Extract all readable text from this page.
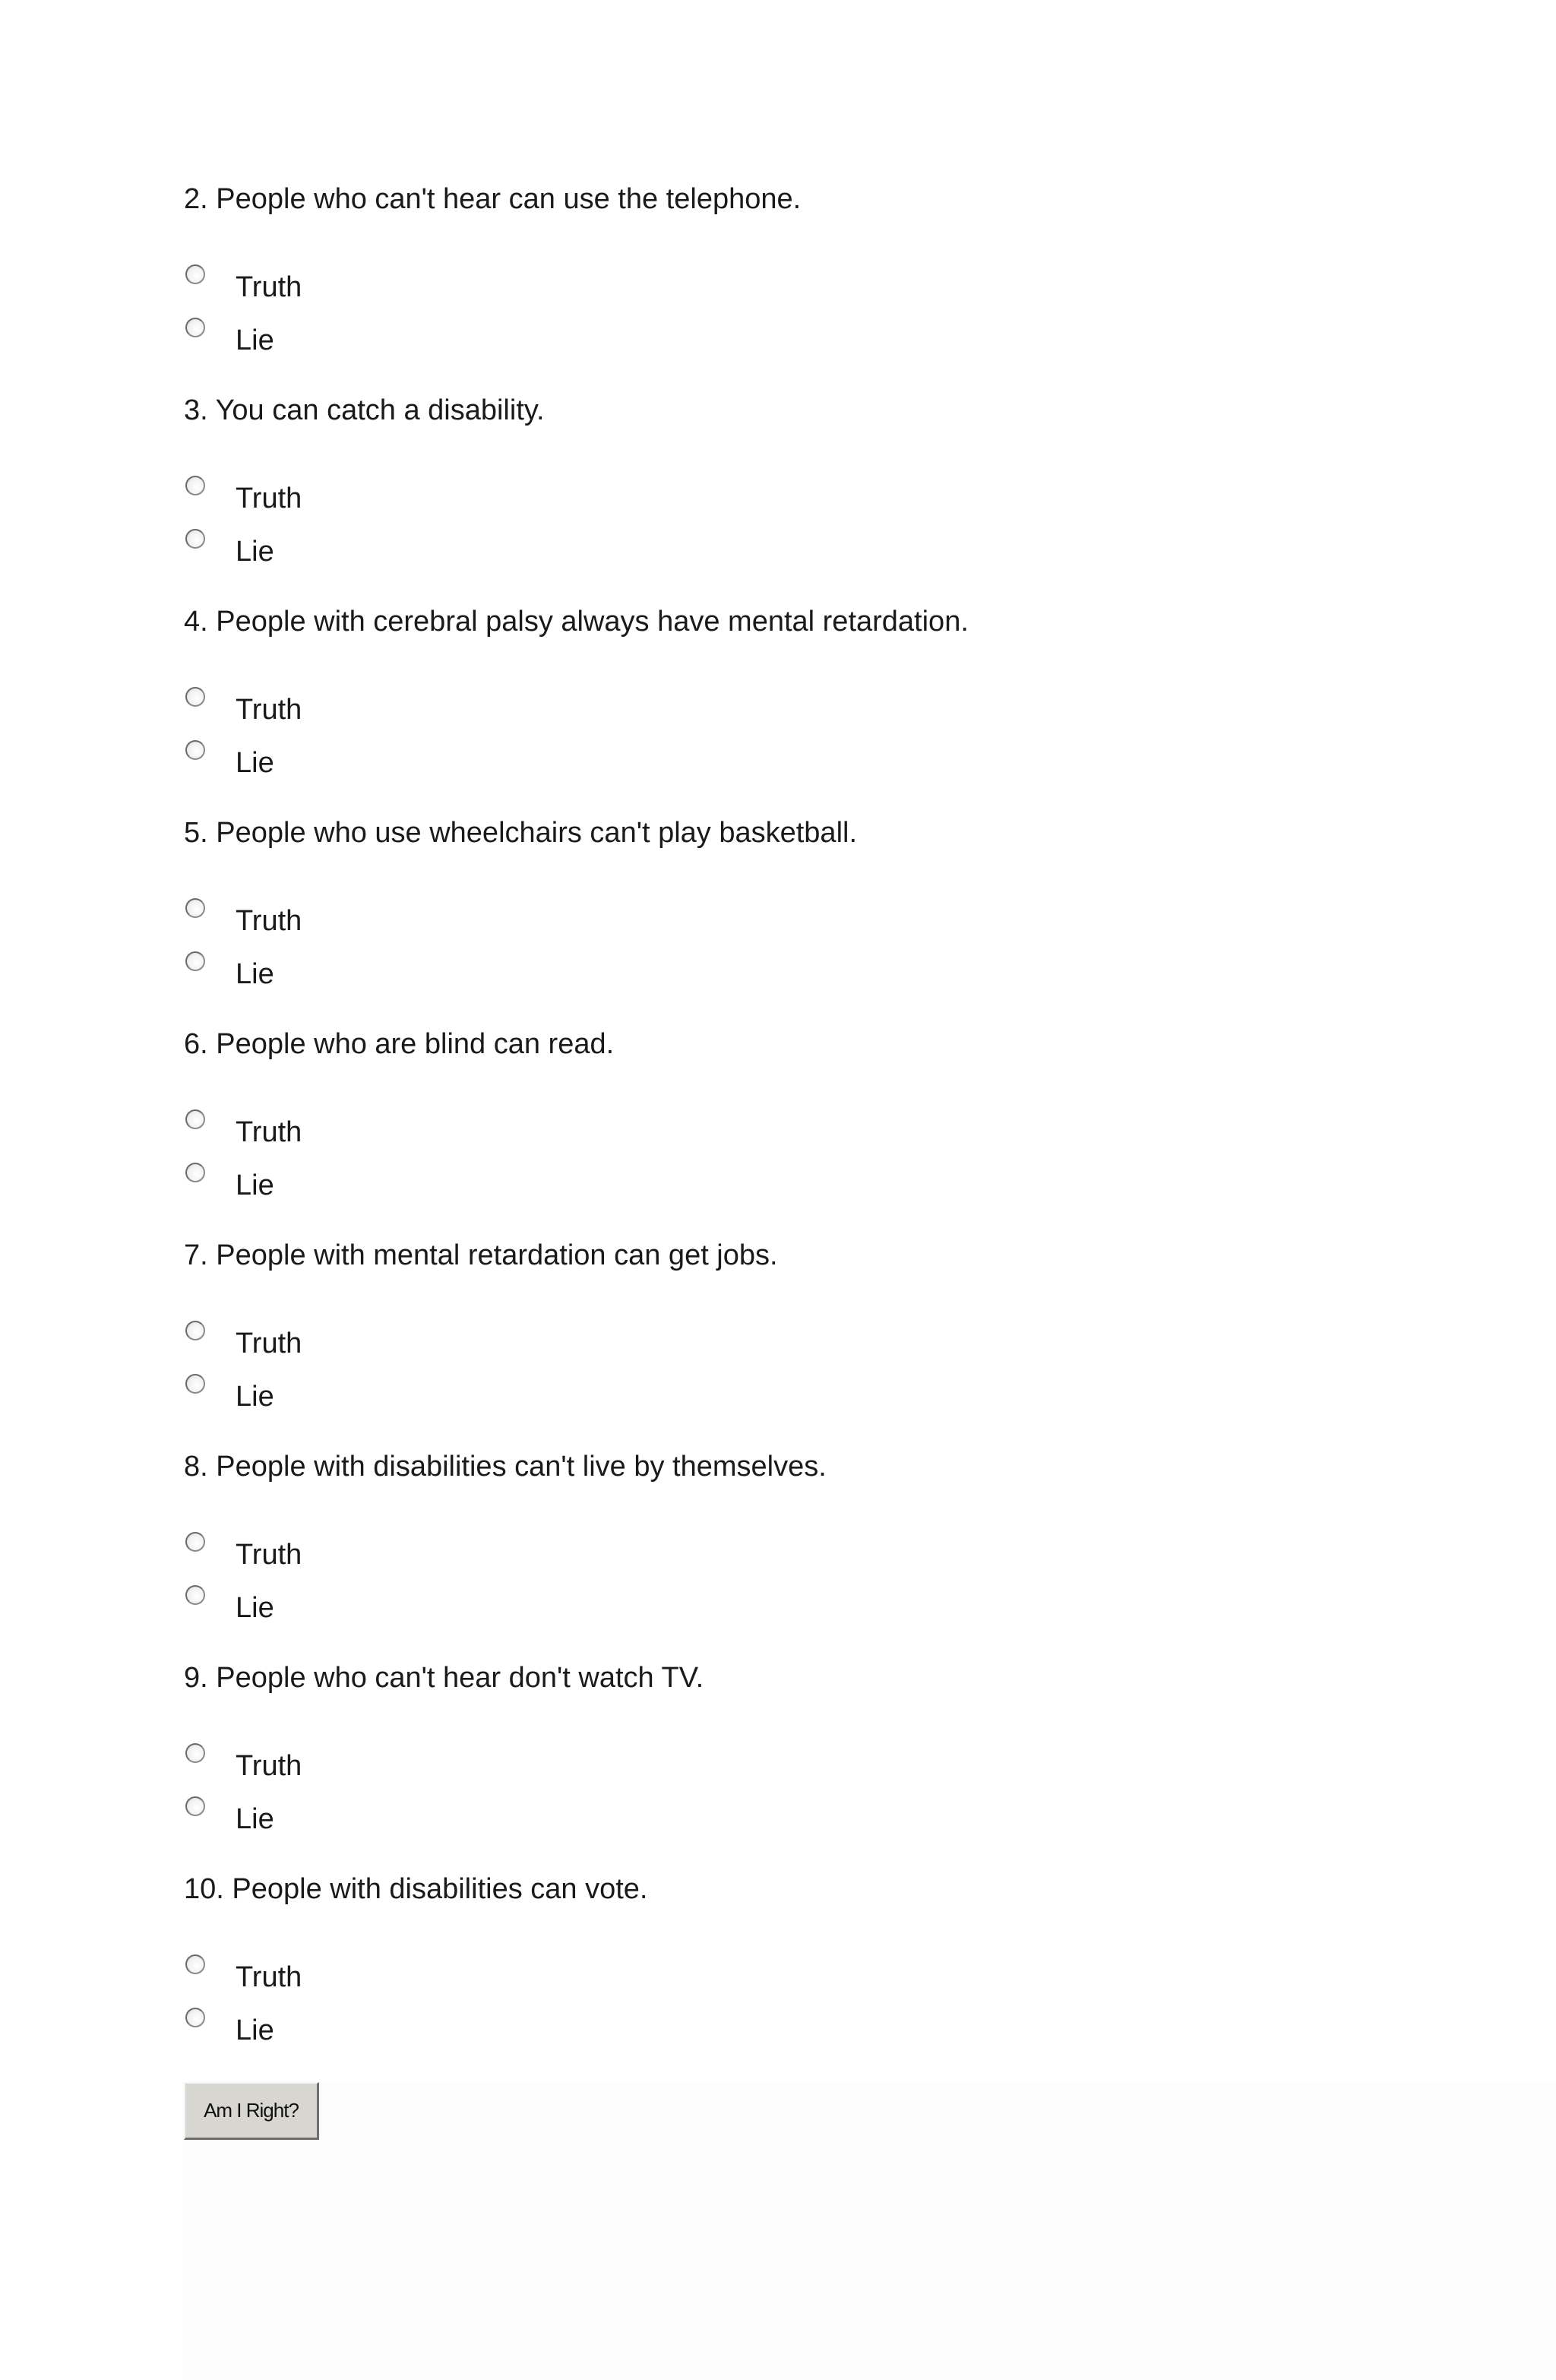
2. People who can't hear can use the telephone.
Truth
Lie
3. You can catch a disability.
Truth
Lie
4. People with cerebral palsy always have mental retardation.
Truth
Lie
5. People who use wheelchairs can't play basketball.
Truth
Lie
6. People who are blind can read.
Truth
Lie
7. People with mental retardation can get jobs.
Truth
Lie
8. People with disabilities can't live by themselves.
Truth
Lie
9. People who can't hear don't watch TV.
Truth
Lie
10. People with disabilities can vote.
Truth
Lie
Am I Right?
